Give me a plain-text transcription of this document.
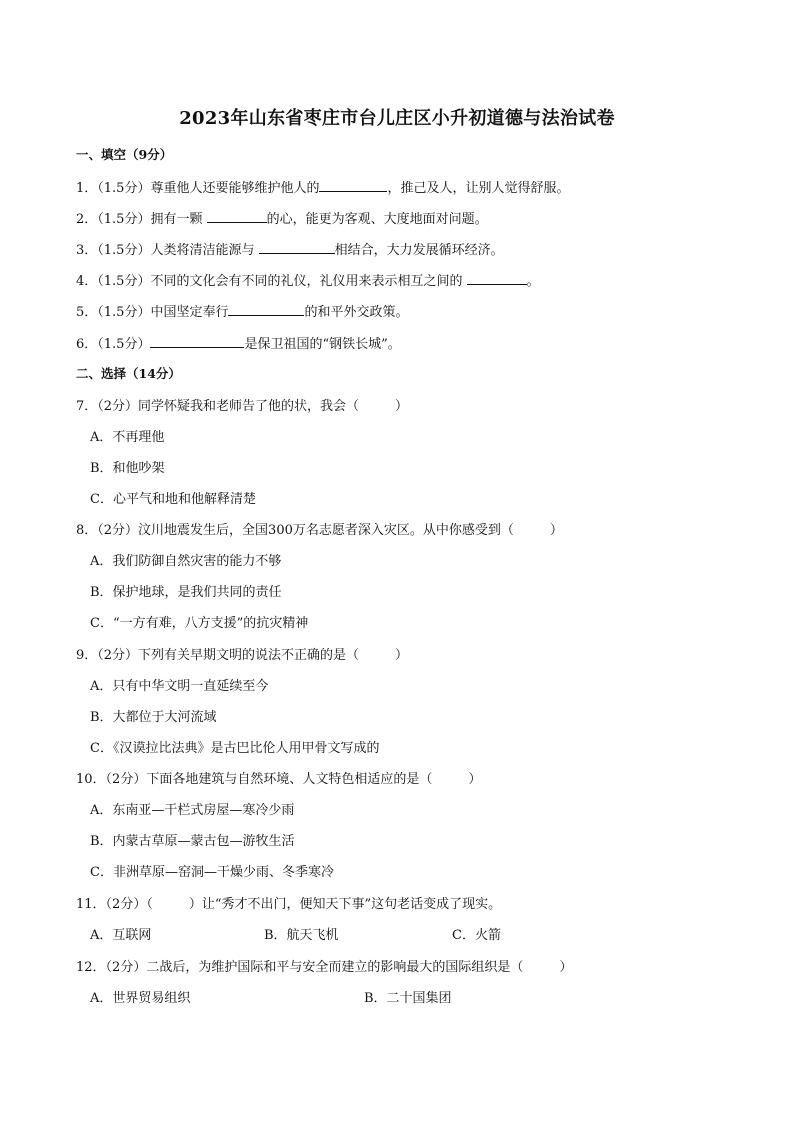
2023年山东省枣庄市台儿庄区小升初道德与法治试卷
一、填空（9分）
1．（1.5分）尊重他人还要能够维护他人的	，推己及人，让别人觉得舒服。
2．（1.5分）拥有一颗	的心，能更为客观、大度地面对问题。
3．（1.5分）人类将清洁能源与	相结合，大力发展循环经济。
4．（1.5分）不同的文化会有不同的礼仪，礼仪用来表示相互之间的	。
5．（1.5分）中国坚定奉行	的和平外交政策。
6．（1.5分）	是保卫祖国的“钢铁长城”。
二、选择（14分）
7．（2分）同学怀疑我和老师告了他的状，我会（	）
A．不再理他
B．和他吵架
C．心平气和地和他解释清楚
8．（2分）汶川地震发生后，全国300万名志愿者深入灾区。从中你感受到（	）
A．我们防御自然灾害的能力不够
B．保护地球，是我们共同的责任
C．“一方有难，八方支援”的抗灾精神
9．（2分）下列有关早期文明的说法不正确的是（	）
A．只有中华文明一直延续至今
B．大都位于大河流域
C．《汉谟拉比法典》是古巴比伦人用甲骨文写成的
10．（2分）下面各地建筑与自然环境、人文特色相适应的是（	）
A．东南亚—干栏式房屋—寒冷少雨
B．内蒙古草原—蒙古包—游牧生活
C．非洲草原—窑洞—干燥少雨、冬季寒冷
11．（2分）（	）让“秀才不出门，便知天下事”这句老话变成了现实。
A．互联网	B．航天飞机	C．火箭
12．（2分）二战后，为维护国际和平与安全而建立的影响最大的国际组织是（	）
A．世界贸易组织	B．二十国集团
